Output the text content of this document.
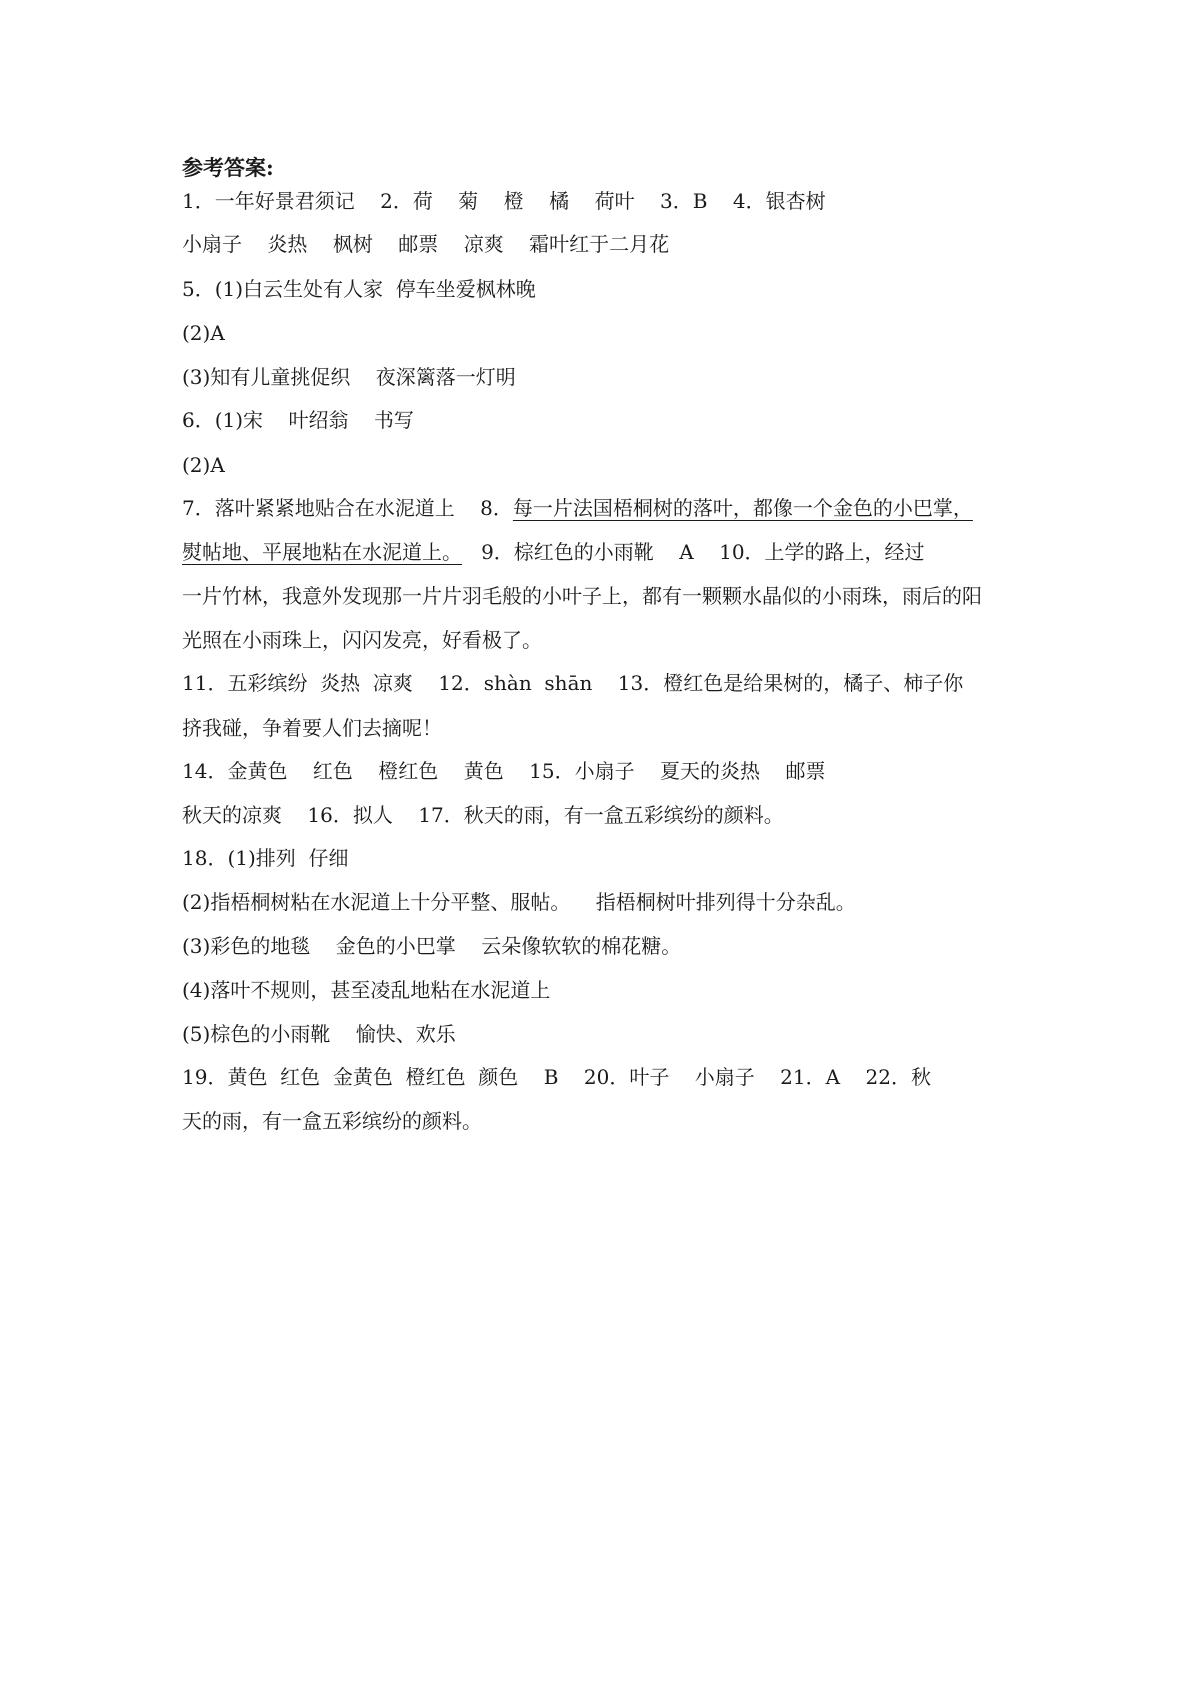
参考答案:

1．一年好景君须记    2．荷    菊    橙    橘    荷叶    3．B    4．银杏树

小扇子    炎热    枫树    邮票    凉爽    霜叶红于二月花

5．(1)白云生处有人家  停车坐爱枫林晚

(2)A

(3)知有儿童挑促织    夜深篱落一灯明

6．(1)宋    叶绍翁    书写

(2)A

7．落叶紧紧地贴合在水泥道上    8．每一片法国梧桐树的落叶，都像一个金色的小巴掌，

熨帖地、平展地粘在水泥道上。   9．棕红色的小雨靴    A    10．上学的路上，经过

一片竹林，我意外发现那一片片羽毛般的小叶子上，都有一颗颗水晶似的小雨珠，雨后的阳

光照在小雨珠上，闪闪发亮，好看极了。

11．五彩缤纷  炎热  凉爽    12．shàn  shān    13．橙红色是给果树的，橘子、柿子你

挤我碰，争着要人们去摘呢！

14．金黄色    红色    橙红色    黄色    15．小扇子    夏天的炎热    邮票

秋天的凉爽    16．拟人    17．秋天的雨，有一盒五彩缤纷的颜料。

18．(1)排列  仔细

(2)指梧桐树粘在水泥道上十分平整、服帖。    指梧桐树叶排列得十分杂乱。

(3)彩色的地毯    金色的小巴掌    云朵像软软的棉花糖。

(4)落叶不规则，甚至凌乱地粘在水泥道上

(5)棕色的小雨靴    愉快、欢乐

19．黄色  红色  金黄色  橙红色  颜色    B    20．叶子    小扇子    21．A    22．秋

天的雨，有一盒五彩缤纷的颜料。
